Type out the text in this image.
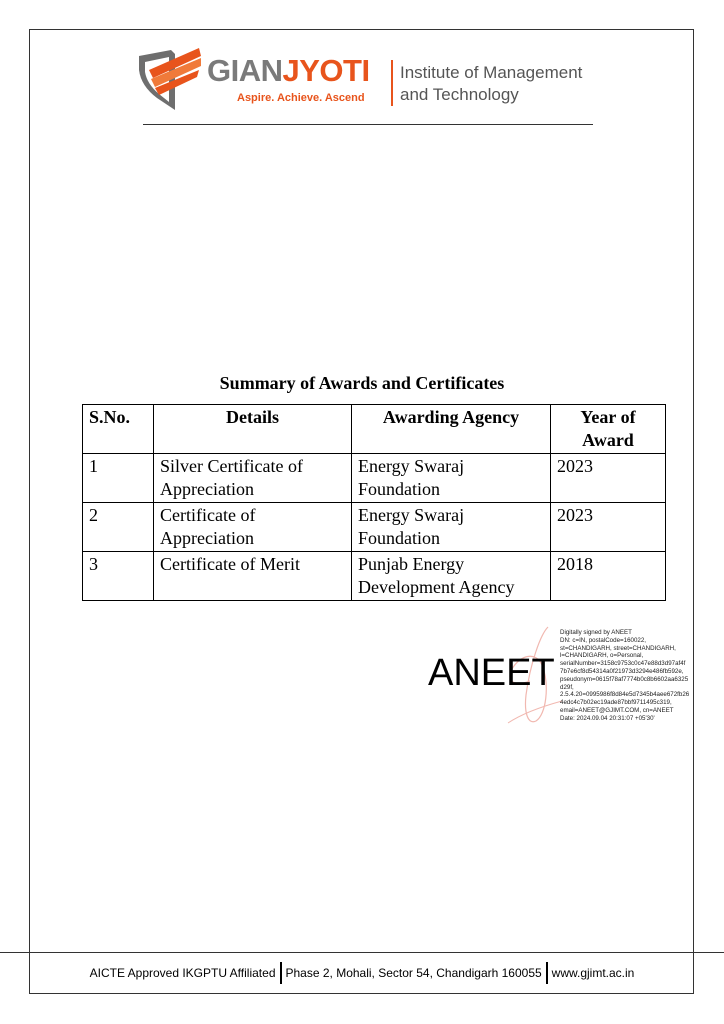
GIANJYOTI
Aspire. Achieve. Ascend
Institute of Management
and Technology
Summary of Awards and Certificates
S.No.	Details	Awarding Agency	Year of Award
1	Silver Certificate of Appreciation	Energy Swaraj Foundation	2023
2	Certificate of Appreciation	Energy Swaraj Foundation	2023
3	Certificate of Merit	Punjab Energy Development Agency	2018
ANEET
Digitally signed by ANEET
DN: c=IN, postalCode=160022,
st=CHANDIGARH, street=CHANDIGARH,
l=CHANDIGARH, o=Personal,
serialNumber=3158c9753c0c47e88d3d97af4f
7b7e6cf8d54314a0f21973d3294e486fb592e,
pseudonym=0615f78af7774b0c8b6602aa6325
d29f,
2.5.4.20=0995986f8d84e5d7345b4aee672fb26
4edc4c7b02ec19ade87bbf9711495c319,
email=ANEET@GJIMT.COM, cn=ANEET
Date: 2024.09.04 20:31:07 +05'30'
AICTE Approved IKGPTU Affiliated Phase 2, Mohali, Sector 54, Chandigarh 160055 www.gjimt.ac.in
